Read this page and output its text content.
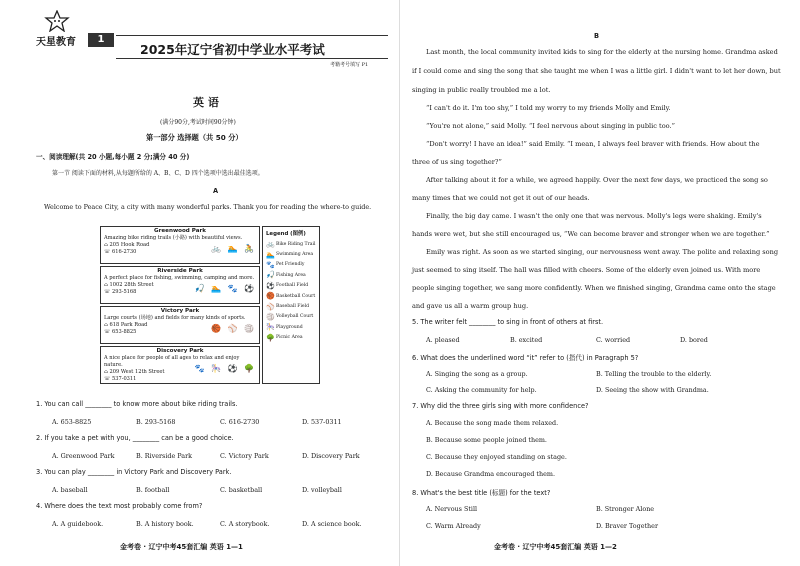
天星教育	1
2025年辽宁省初中学业水平考试
考籍考号填写 P1
英 语
(满分90分,考试时间90分钟)
第一部分 选择题（共 50 分）
一、阅读理解(共 20 小题,每小题 2 分;满分 40 分)
第一节 阅读下面的材料,从每题所给的 A、B、C、D 四个选项中选出最佳选项。
A
Welcome to Peace City, a city with many wonderful parks. Thank you for reading the where-to guide.
Greenwood Park
Amazing bike riding trails (小路) with beautiful views.
⌂ 205 Hook Road
☏ 616-2730	🚲 🏊 🚴
Riverside Park
A perfect place for fishing, swimming, camping and more.
⌂ 1002 28th Street
☏ 293-5168	🎣 🏊 🐾 ⚽
Victory Park
Large courts (场地) and fields for many kinds of sports.
⌂ 618 Park Road
☏ 653-8825	🏀 ⚾ 🏐
Discovery Park
A nice place for people of all ages to relax and enjoy nature.
⌂ 209 West 12th Street
☏ 537-0311
🐾 🎠 ⚽ 🌳
Legend (图例)
🚲 Bike Riding Trail
🏊 Swimming Area
🐾 Pet Friendly
🎣 Fishing Area
⚽ Football Field
🏀 Basketball Court
⚾ Baseball Field
🏐 Volleyball Court
🎠 Playground
🌳 Picnic Area
1. You can call ________ to know more about bike riding trails.
A. 653-8825	B. 293-5168	C. 616-2730	D. 537-0311
2. If you take a pet with you, ________ can be a good choice.
A. Greenwood Park	B. Riverside Park	C. Victory Park	D. Discovery Park
3. You can play ________ in Victory Park and Discovery Park.
A. baseball	B. football	C. basketball	D. volleyball
4. Where does the text most probably come from?
A. A guidebook.	B. A history book.	C. A storybook.	D. A science book.
金考卷 · 辽宁中考45套汇编 英语 1—1
B
Last month, the local community invited kids to sing for the elderly at the nursing home. Grandma asked
if I could come and sing the song that she taught me when I was a little girl. I didn't want to let her down, but
singing in public really troubled me a lot.
“I can't do it. I'm too shy,” I told my worry to my friends Molly and Emily.
“You're not alone,” said Molly. “I feel nervous about singing in public too.”
“Don't worry! I have an idea!” said Emily. “I mean, I always feel braver with friends. How about the
three of us sing together?”
After talking about it for a while, we agreed happily. Over the next few days, we practiced the song so
many times that we could not get it out of our heads.
Finally, the big day came. I wasn't the only one that was nervous. Molly's legs were shaking. Emily's
hands were wet, but she still encouraged us, “We can become braver and stronger when we are together.”
Emily was right. As soon as we started singing, our nervousness went away. The polite and relaxing song
just seemed to sing itself. The hall was filled with cheers. Some of the elderly even joined us. With more
people singing together, we sang more confidently. When we finished singing, Grandma came onto the stage
and gave us all a warm group hug.
5. The writer felt ________ to sing in front of others at first.
A. pleased	B. excited	C. worried	D. bored
6. What does the underlined word “it” refer to (指代) in Paragraph 5?
A. Singing the song as a group.	B. Telling the trouble to the elderly.
C. Asking the community for help.	D. Seeing the show with Grandma.
7. Why did the three girls sing with more confidence?
A. Because the song made them relaxed.
B. Because some people joined them.
C. Because they enjoyed standing on stage.
D. Because Grandma encouraged them.
8. What's the best title (标题) for the text?
A. Nervous Still	B. Stronger Alone
C. Warm Already	D. Braver Together
金考卷 · 辽宁中考45套汇编 英语 1—2
